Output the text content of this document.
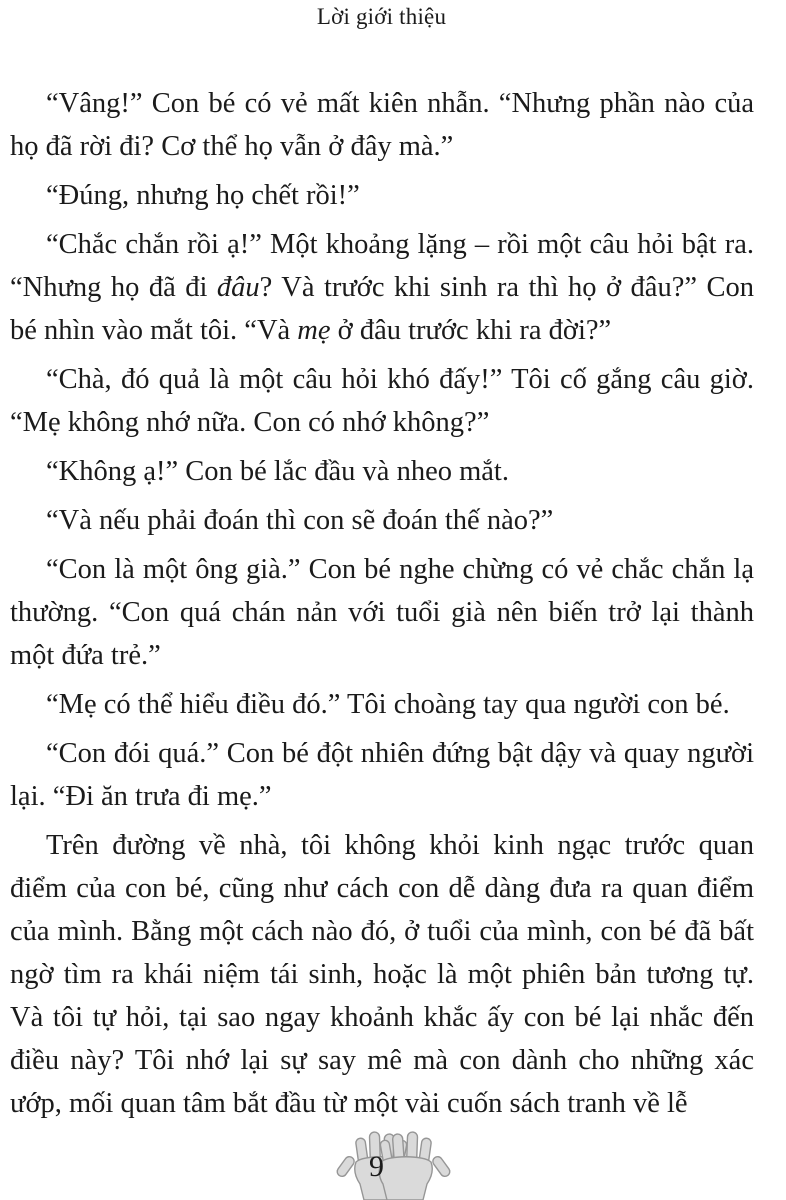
Lời giới thiệu

“Vâng!” Con bé có vẻ mất kiên nhẫn. “Nhưng phần nào của họ đã rời đi? Cơ thể họ vẫn ở đây mà.”

“Đúng, nhưng họ chết rồi!”

“Chắc chắn rồi ạ!” Một khoảng lặng – rồi một câu hỏi bật ra. “Nhưng họ đã đi đâu? Và trước khi sinh ra thì họ ở đâu?” Con bé nhìn vào mắt tôi. “Và mẹ ở đâu trước khi ra đời?”

“Chà, đó quả là một câu hỏi khó đấy!” Tôi cố gắng câu giờ. “Mẹ không nhớ nữa. Con có nhớ không?”

“Không ạ!” Con bé lắc đầu và nheo mắt.

“Và nếu phải đoán thì con sẽ đoán thế nào?”

“Con là một ông già.” Con bé nghe chừng có vẻ chắc chắn lạ thường. “Con quá chán nản với tuổi già nên biến trở lại thành một đứa trẻ.”

“Mẹ có thể hiểu điều đó.” Tôi choàng tay qua người con bé.

“Con đói quá.” Con bé đột nhiên đứng bật dậy và quay người lại. “Đi ăn trưa đi mẹ.”

Trên đường về nhà, tôi không khỏi kinh ngạc trước quan điểm của con bé, cũng như cách con dễ dàng đưa ra quan điểm của mình. Bằng một cách nào đó, ở tuổi của mình, con bé đã bất ngờ tìm ra khái niệm tái sinh, hoặc là một phiên bản tương tự. Và tôi tự hỏi, tại sao ngay khoảnh khắc ấy con bé lại nhắc đến điều này? Tôi nhớ lại sự say mê mà con dành cho những xác ướp, mối quan tâm bắt đầu từ một vài cuốn sách tranh về lễ

9
